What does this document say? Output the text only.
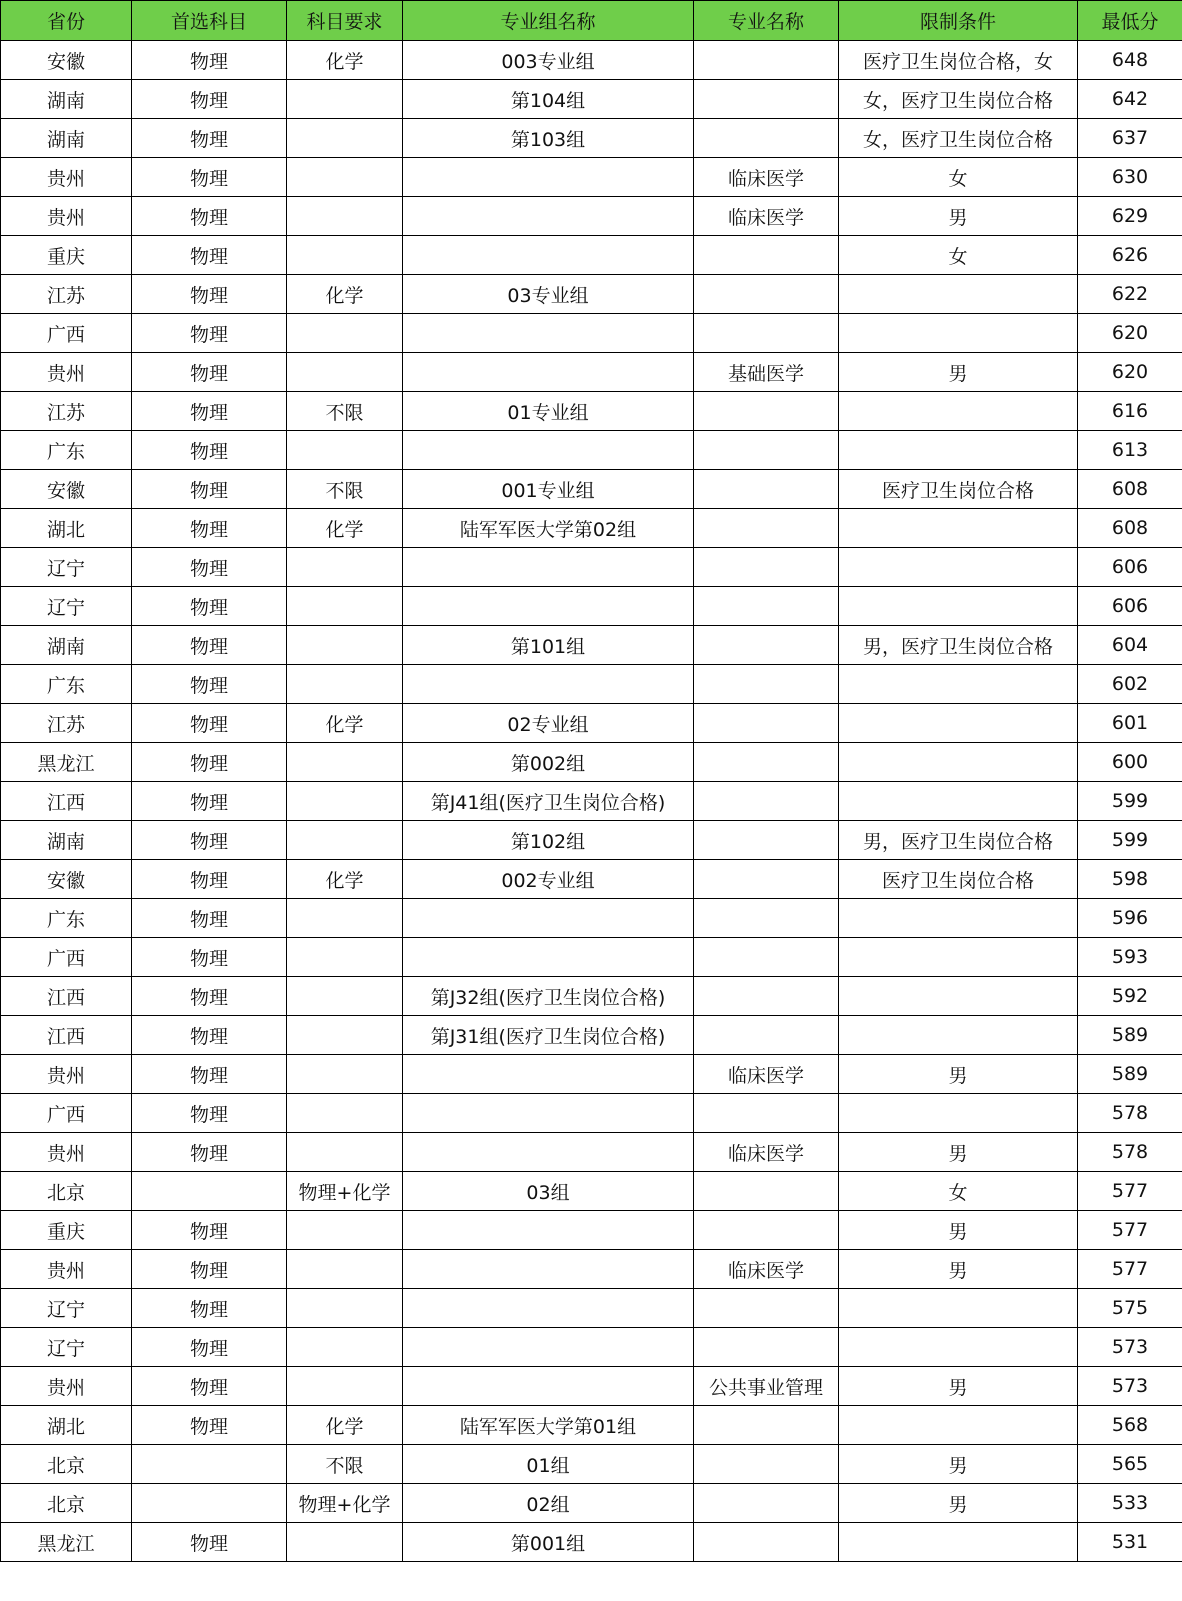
省份	首选科目	科目要求	专业组名称	专业名称	限制条件	最低分
安徽	物理	化学	003专业组		医疗卫生岗位合格，女	648
湖南	物理		第104组		女，医疗卫生岗位合格	642
湖南	物理		第103组		女，医疗卫生岗位合格	637
贵州	物理			临床医学	女	630
贵州	物理			临床医学	男	629
重庆	物理				女	626
江苏	物理	化学	03专业组			622
广西	物理					620
贵州	物理			基础医学	男	620
江苏	物理	不限	01专业组			616
广东	物理					613
安徽	物理	不限	001专业组		医疗卫生岗位合格	608
湖北	物理	化学	陆军军医大学第02组			608
辽宁	物理					606
辽宁	物理					606
湖南	物理		第101组		男，医疗卫生岗位合格	604
广东	物理					602
江苏	物理	化学	02专业组			601
黑龙江	物理		第002组			600
江西	物理		第J41组(医疗卫生岗位合格)			599
湖南	物理		第102组		男，医疗卫生岗位合格	599
安徽	物理	化学	002专业组		医疗卫生岗位合格	598
广东	物理					596
广西	物理					593
江西	物理		第J32组(医疗卫生岗位合格)			592
江西	物理		第J31组(医疗卫生岗位合格)			589
贵州	物理			临床医学	男	589
广西	物理					578
贵州	物理			临床医学	男	578
北京		物理+化学	03组		女	577
重庆	物理				男	577
贵州	物理			临床医学	男	577
辽宁	物理					575
辽宁	物理					573
贵州	物理			公共事业管理	男	573
湖北	物理	化学	陆军军医大学第01组			568
北京		不限	01组		男	565
北京		物理+化学	02组		男	533
黑龙江	物理		第001组			531
